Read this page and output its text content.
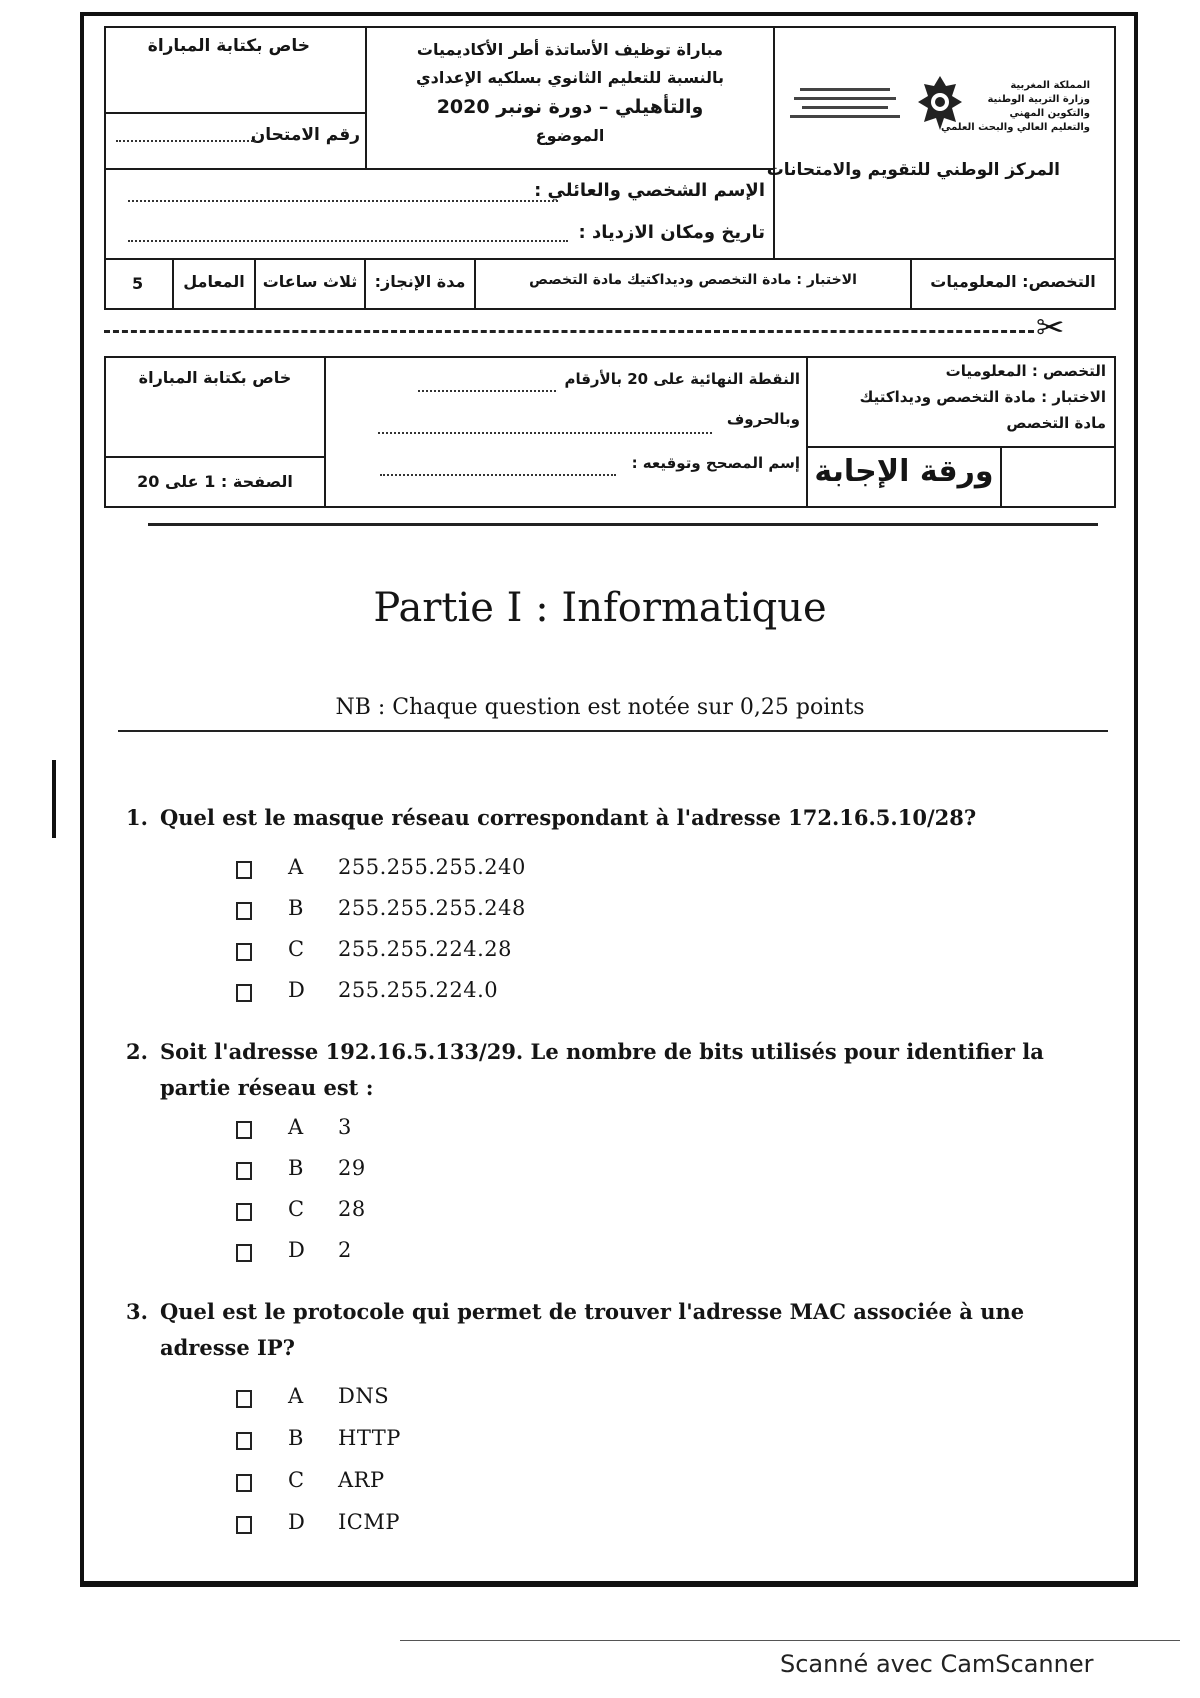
خاص بكتابة المباراة
رقم الامتحان
مباراة توظيف الأساتذة أطر الأكاديميات
بالنسبة للتعليم الثانوي بسلكيه الإعدادي
والتأهيلي – دورة نونبر 2020
الموضوع
المملكة المغربية
وزارة التربية الوطنية
والتكوين المهني
والتعليم العالي والبحث العلمي
المركز الوطني للتقويم والامتحانات
الإسم الشخصي والعائلي :
تاريخ ومكان الازدياد :
5	المعامل	ثلاث ساعات	مدة الإنجاز:	الاختبار : مادة التخصص وديداكتيك مادة التخصص	التخصص: المعلوميات
✂
خاص بكتابة المباراة
الصفحة : 1 على 20
النقطة النهائية على 20 بالأرقام
وبالحروف
إسم المصحح وتوقيعه :
التخصص : المعلوميات
الاختبار : مادة التخصص وديداكتيك
مادة التخصص
ورقة الإجابة
Partie I : Informatique
NB : Chaque question est notée sur 0,25 points
1. Quel est le masque réseau correspondant à l'adresse 172.16.5.10/28?
A 255.255.255.240
B 255.255.255.248
C 255.255.224.28
D 255.255.224.0
2. Soit l'adresse 192.16.5.133/29. Le nombre de bits utilisés pour identifier la partie réseau est :
A 3
B 29
C 28
D 2
3. Quel est le protocole qui permet de trouver l'adresse MAC associée à une adresse IP?
A DNS
B HTTP
C ARP
D ICMP
Scanné avec CamScanner
